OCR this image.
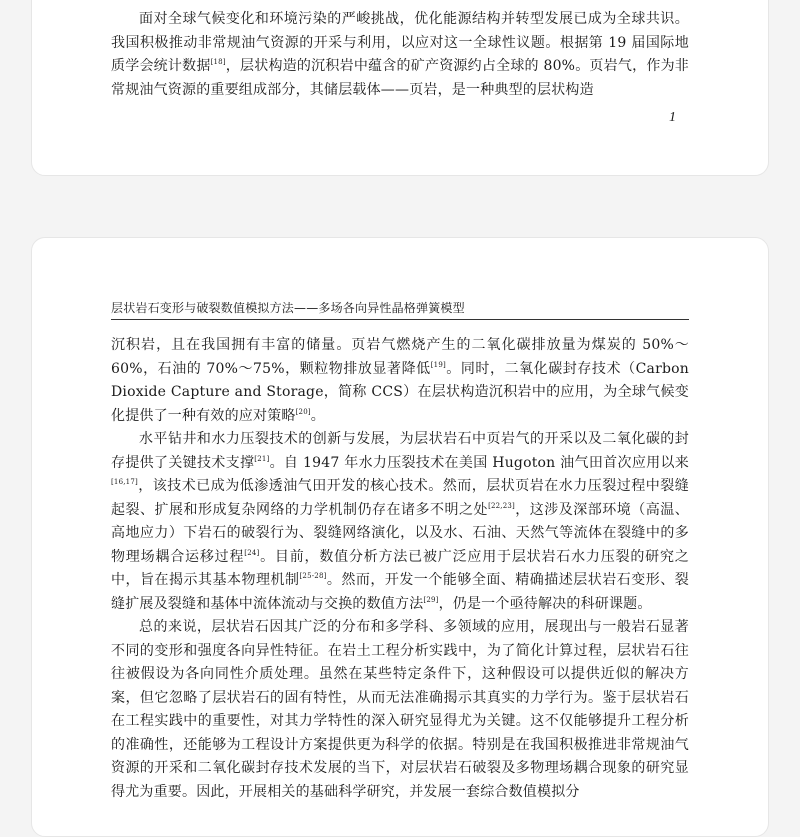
面对全球气候变化和环境污染的严峻挑战，优化能源结构并转型发展已成为全球共识。我国积极推动非常规油气资源的开采与利用，以应对这一全球性议题。根据第 19 届国际地质学会统计数据[18]，层状构造的沉积岩中蕴含的矿产资源约占全球的 80%。页岩气，作为非常规油气资源的重要组成部分，其储层载体——页岩，是一种典型的层状构造

1
层状岩石变形与破裂数值模拟方法——多场各向异性晶格弹簧模型

沉积岩，且在我国拥有丰富的储量。页岩气燃烧产生的二氧化碳排放量为煤炭的 50%～60%，石油的 70%～75%，颗粒物排放显著降低[19]。同时，二氧化碳封存技术（Carbon Dioxide Capture and Storage，简称 CCS）在层状构造沉积岩中的应用，为全球气候变化提供了一种有效的应对策略[20]。

水平钻井和水力压裂技术的创新与发展，为层状岩石中页岩气的开采以及二氧化碳的封存提供了关键技术支撑[21]。自 1947 年水力压裂技术在美国 Hugoton 油气田首次应用以来[16,17]，该技术已成为低渗透油气田开发的核心技术。然而，层状页岩在水力压裂过程中裂缝起裂、扩展和形成复杂网络的力学机制仍存在诸多不明之处[22,23]，这涉及深部环境（高温、高地应力）下岩石的破裂行为、裂缝网络演化，以及水、石油、天然气等流体在裂缝中的多物理场耦合运移过程[24]。目前，数值分析方法已被广泛应用于层状岩石水力压裂的研究之中，旨在揭示其基本物理机制[25-28]。然而，开发一个能够全面、精确描述层状岩石变形、裂缝扩展及裂缝和基体中流体流动与交换的数值方法[29]，仍是一个亟待解决的科研课题。

总的来说，层状岩石因其广泛的分布和多学科、多领域的应用，展现出与一般岩石显著不同的变形和强度各向异性特征。在岩土工程分析实践中，为了简化计算过程，层状岩石往往被假设为各向同性介质处理。虽然在某些特定条件下，这种假设可以提供近似的解决方案，但它忽略了层状岩石的固有特性，从而无法准确揭示其真实的力学行为。鉴于层状岩石在工程实践中的重要性，对其力学特性的深入研究显得尤为关键。这不仅能够提升工程分析的准确性，还能够为工程设计方案提供更为科学的依据。特别是在我国积极推进非常规油气资源的开采和二氧化碳封存技术发展的当下，对层状岩石破裂及多物理场耦合现象的研究显得尤为重要。因此，开展相关的基础科学研究，并发展一套综合数值模拟分
